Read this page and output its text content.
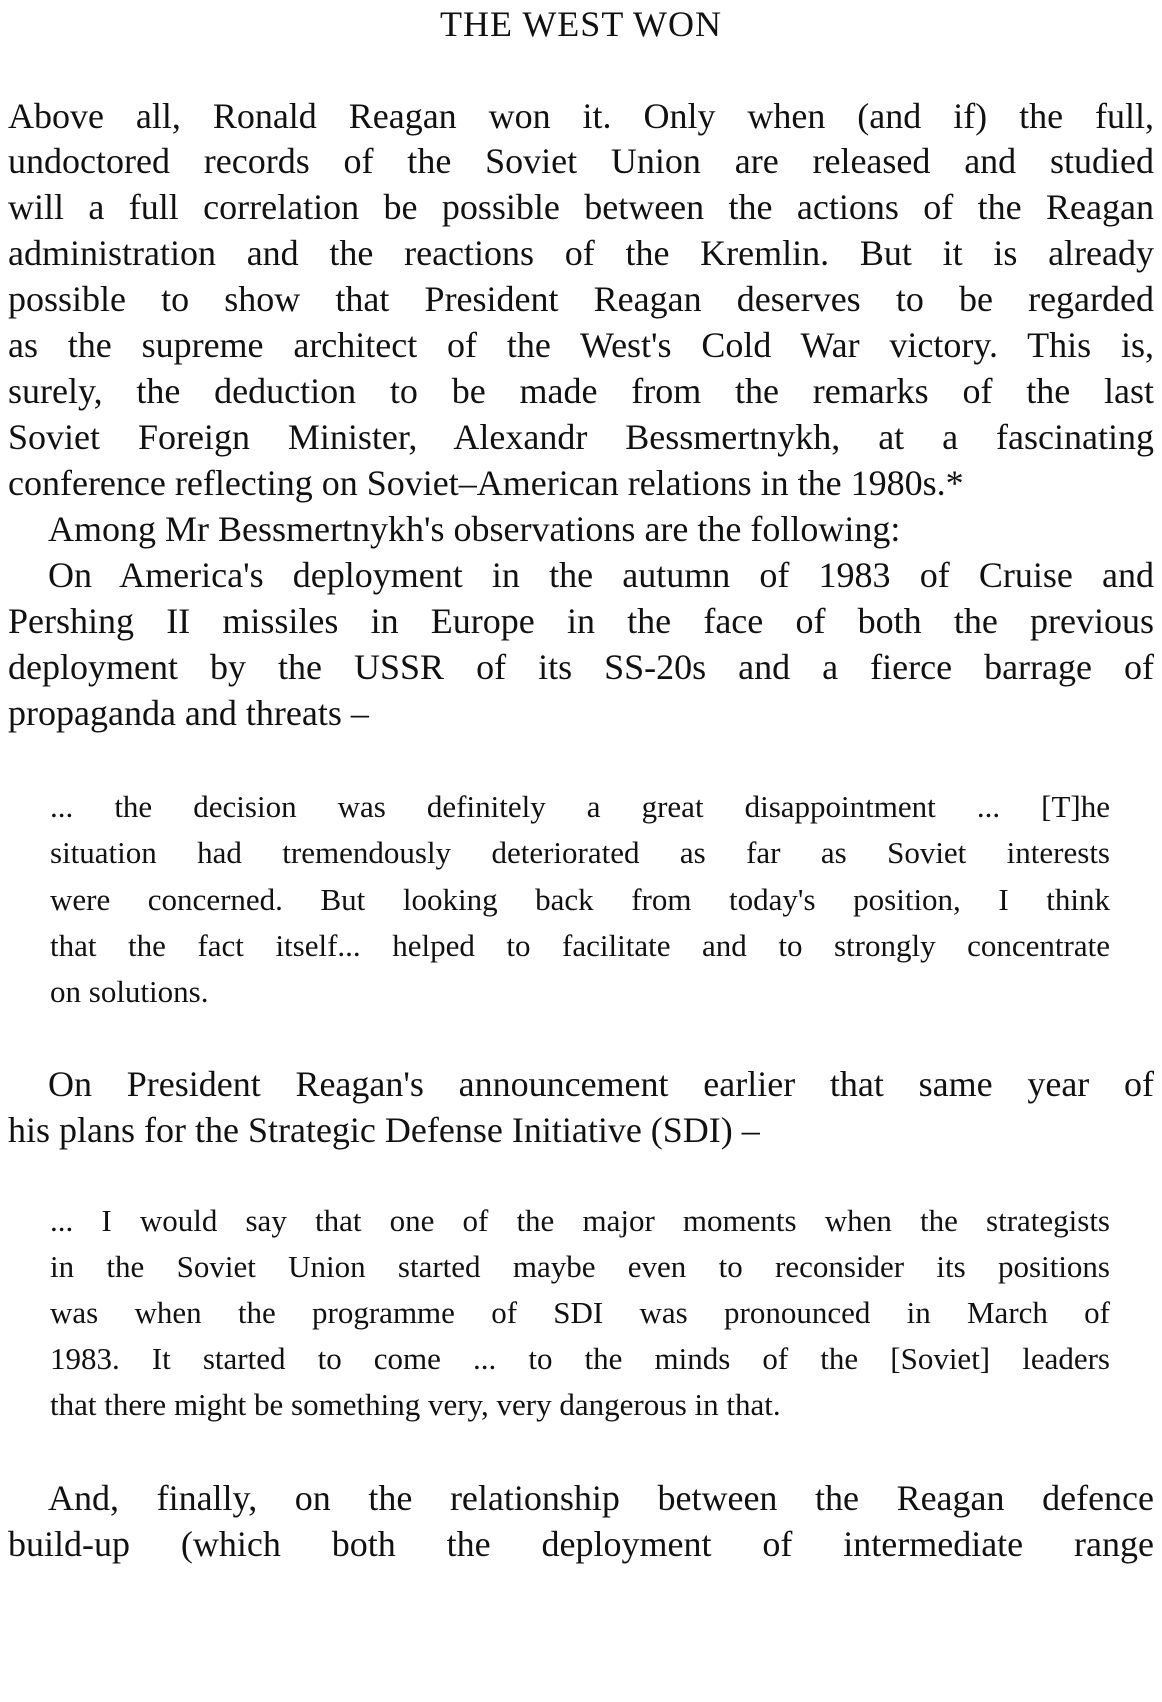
THE WEST WON
Above all, Ronald Reagan won it. Only when (and if) the full,
undoctored records of the Soviet Union are released and studied
will a full correlation be possible between the actions of the Reagan
administration and the reactions of the Kremlin. But it is already
possible to show that President Reagan deserves to be regarded
as the supreme architect of the West's Cold War victory. This is,
surely, the deduction to be made from the remarks of the last
Soviet Foreign Minister, Alexandr Bessmertnykh, at a fascinating
conference reflecting on Soviet–American relations in the 1980s.*
Among Mr Bessmertnykh's observations are the following:
On America's deployment in the autumn of 1983 of Cruise and
Pershing II missiles in Europe in the face of both the previous
deployment by the USSR of its SS-20s and a fierce barrage of
propaganda and threats –
... the decision was definitely a great disappointment ... [T]he
situation had tremendously deteriorated as far as Soviet interests
were concerned. But looking back from today's position, I think
that the fact itself... helped to facilitate and to strongly concentrate
on solutions.
On President Reagan's announcement earlier that same year of
his plans for the Strategic Defense Initiative (SDI) –
... I would say that one of the major moments when the strategists
in the Soviet Union started maybe even to reconsider its positions
was when the programme of SDI was pronounced in March of
1983. It started to come ... to the minds of the [Soviet] leaders
that there might be something very, very dangerous in that.
And, finally, on the relationship between the Reagan defence
build-up (which both the deployment of intermediate range
